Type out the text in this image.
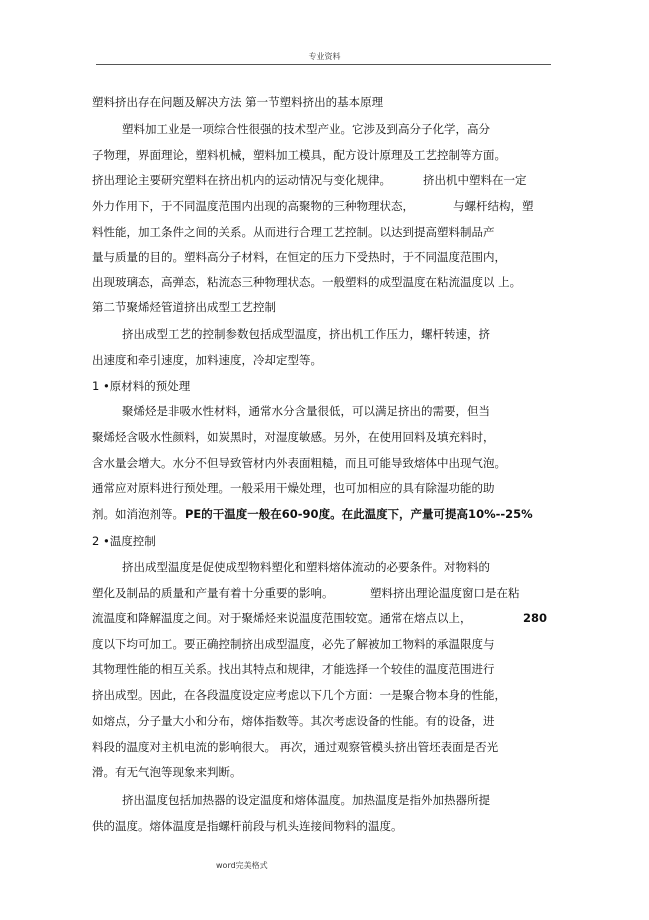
专业资料
塑料挤出存在问题及解决方法 第一节塑料挤出的基本原理
塑料加工业是一项综合性很强的技术型产业。它涉及到高分子化学，高分
子物理，界面理论，塑料机械，塑料加工模具，配方设计原理及工艺控制等方面。
挤出理论主要研究塑料在挤出机内的运动情况与变化规律。	挤出机中塑料在一定
外力作用下，于不同温度范围内出现的高聚物的三种物理状态，	与螺杆结构，塑
料性能，加工条件之间的关系。从而进行合理工艺控制。以达到提高塑料制品产
量与质量的目的。塑料高分子材料，在恒定的压力下受热时，于不同温度范围内，
出现玻璃态，高弹态，粘流态三种物理状态。一般塑料的成型温度在粘流温度以 上。
第二节聚烯烃管道挤出成型工艺控制
挤出成型工艺的控制参数包括成型温度，挤出机工作压力，螺杆转速，挤
出速度和牵引速度，加料速度，冷却定型等。
1 •原材料的预处理
聚烯烃是非吸水性材料，通常水分含量很低，可以满足挤出的需要，但当
聚烯烃含吸水性颜料，如炭黑时，对湿度敏感。另外，在使用回料及填充料时，
含水量会增大。水分不但导致管材内外表面粗糙，而且可能导致熔体中出现气泡。
通常应对原料进行预处理。一般采用干燥处理，也可加相应的具有除湿功能的助
剂。如消泡剂等。 PE的干温度一般在60-90度。在此温度下，产量可提高10%--25%
2 •温度控制
挤出成型温度是促使成型物料塑化和塑料熔体流动的必要条件。对物料的
塑化及制品的质量和产量有着十分重要的影响。	塑料挤出理论温度窗口是在粘
流温度和降解温度之间。对于聚烯烃来说温度范围较宽。通常在熔点以上，	280
度以下均可加工。要正确控制挤出成型温度，必先了解被加工物料的承温限度与
其物理性能的相互关系。找出其特点和规律，才能选择一个较佳的温度范围进行
挤出成型。因此，在各段温度设定应考虑以下几个方面：一是聚合物本身的性能，
如熔点，分子量大小和分布，熔体指数等。其次考虑设备的性能。有的设备，进
料段的温度对主机电流的影响很大。 再次，通过观察管模头挤出管坯表面是否光
滑。有无气泡等现象来判断。
挤出温度包括加热器的设定温度和熔体温度。加热温度是指外加热器所提
供的温度。熔体温度是指螺杆前段与机头连接间物料的温度。
word完美格式
